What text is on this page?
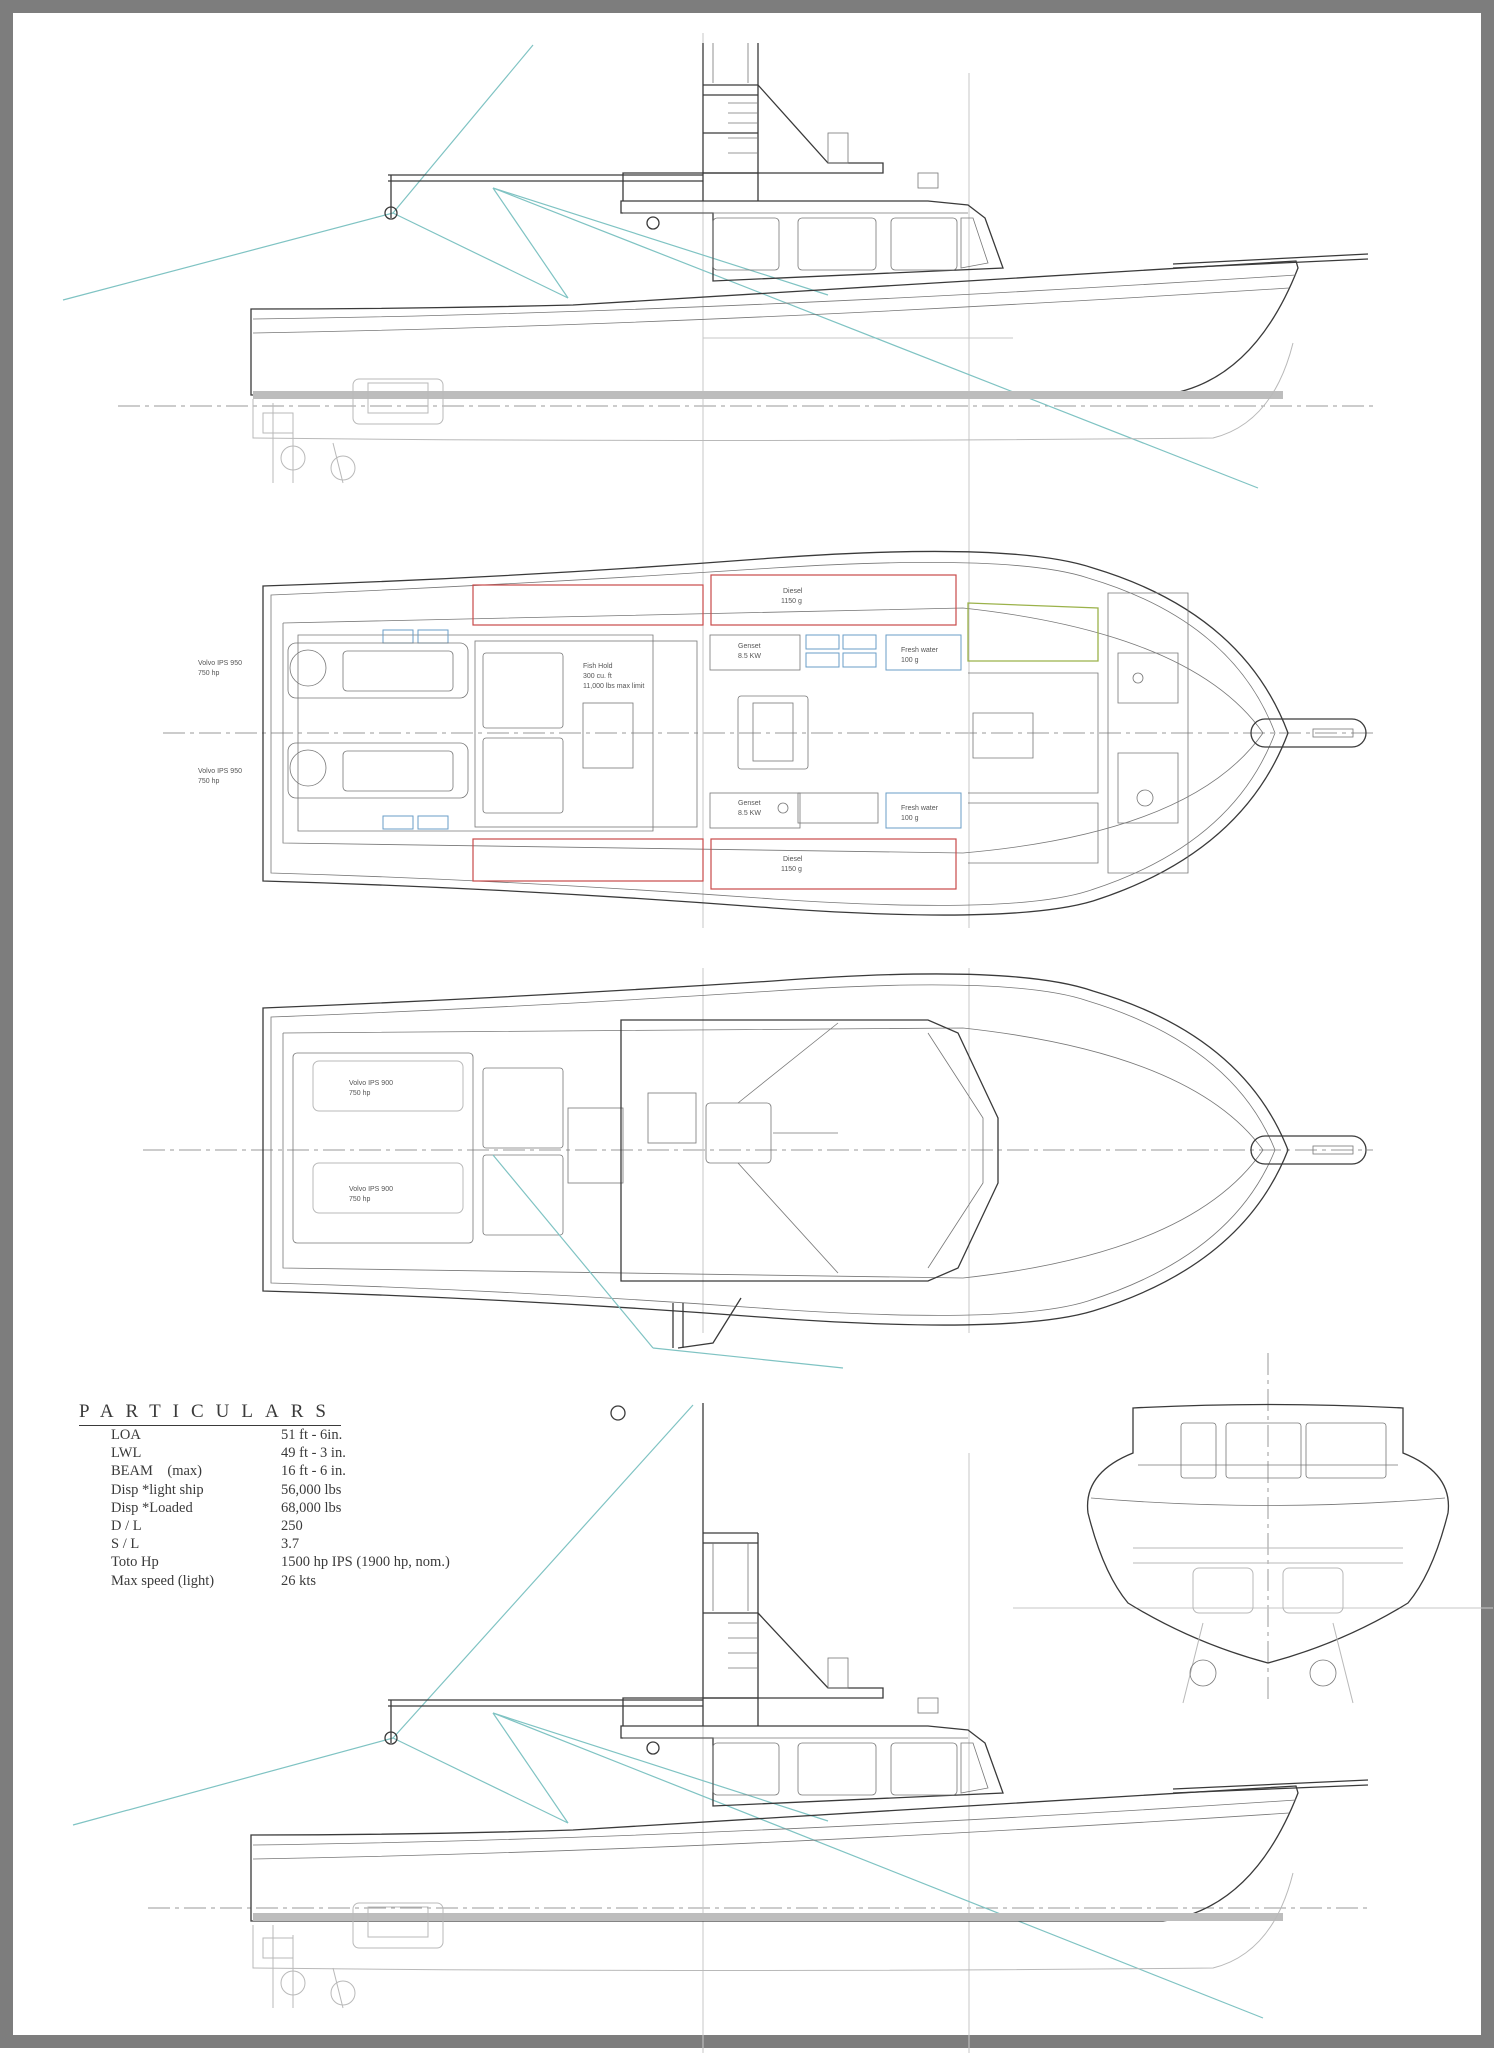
Diesel
1150 g
Diesel
1150 g
Fish Hold
300 cu. ft
11,000 lbs max limit
Genset
8.5 KW
Genset
8.5 KW
Fresh water
100 g
Fresh water
100 g
Volvo IPS 950
750 hp
Volvo IPS 950
750 hp
Volvo IPS 900
750 hp
Volvo IPS 900
750 hp
PARTICULARS
LOA	51 ft - 6in.
LWL	49 ft - 3 in.
BEAM    (max)	16 ft - 6 in.
Disp *light ship	56,000 lbs
Disp *Loaded	68,000 lbs
D / L	250
S / L	3.7
Toto Hp	1500 hp IPS (1900 hp, nom.)
Max speed (light)	26 kts
